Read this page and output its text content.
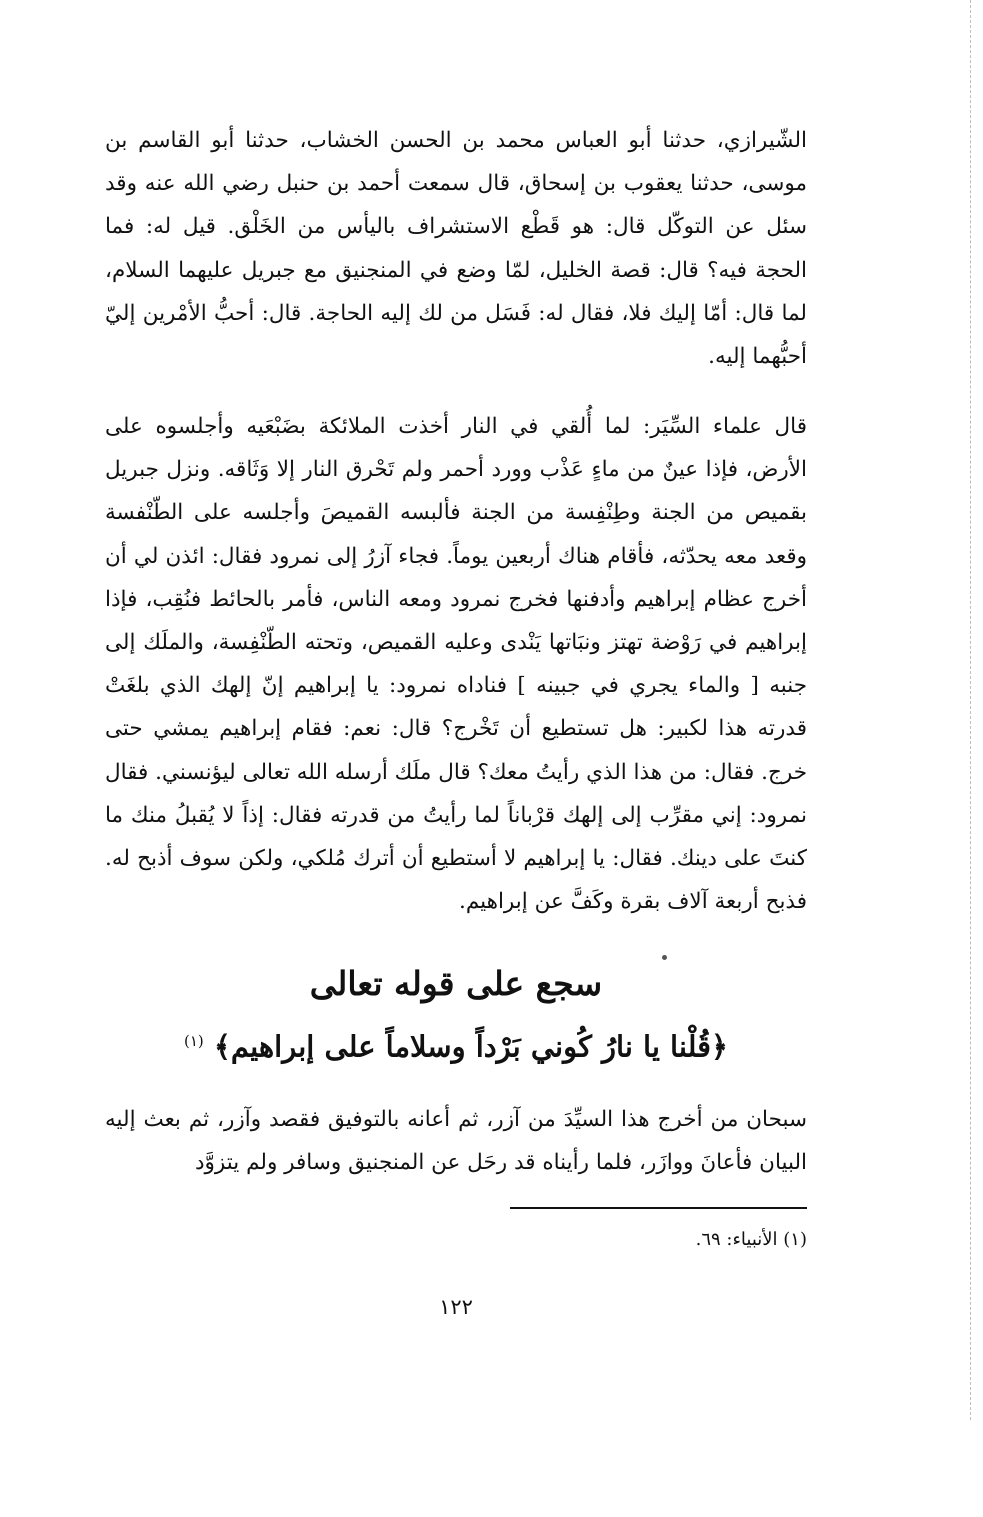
الشّيرازي، حدثنا أبو العباس محمد بن الحسن الخشاب، حدثنا أبو القاسم بن موسى، حدثنا يعقوب بن إسحاق، قال سمعت أحمد بن حنبل رضي الله عنه وقد سئل عن التوكّل قال: هو قَطْع الاستشراف باليأس من الخَلْق. قيل له: فما الحجة فيه؟ قال: قصة الخليل، لمّا وضع في المنجنيق مع جبريل عليهما السلام، لما قال: أمّا إليك فلا، فقال له: فَسَل من لك إليه الحاجة. قال: أحبُّ الأمْرين إليّ أحبُّهما إليه.

قال علماء السِّيَر: لما أُلقي في النار أخذت الملائكة بضَبْعَيه وأجلسوه على الأرض، فإذا عينٌ من ماءٍ عَذْب وورد أحمر ولم تَحْرق النار إلا وَثَاقه. ونزل جبريل بقميص من الجنة وطِنْفِسة من الجنة فألبسه القميصَ وأجلسه على الطّنْفسة وقعد معه يحدّثه، فأقام هناك أربعين يوماً. فجاء آزرُ إلى نمرود فقال: ائذن لي أن أخرج عظام إبراهيم وأدفنها فخرج نمرود ومعه الناس، فأمر بالحائط فنُقِب، فإذا إبراهيم في رَوْضة تهتز ونبَاتها يَنْدى وعليه القميص، وتحته الطّنْفِسة، والملَك إلى جنبه [ والماء يجري في جبينه ] فناداه نمرود: يا إبراهيم إنّ إلهك الذي بلغَتْ قدرته هذا لكبير: هل تستطيع أن تَخْرج؟ قال: نعم: فقام إبراهيم يمشي حتى خرج. فقال: من هذا الذي رأيتُ معك؟ قال ملَك أرسله الله تعالى ليؤنسني. فقال نمرود: إني مقرِّب إلى إلهك قرْباناً لما رأيتُ من قدرته فقال: إذاً لا يُقبلُ منك ما كنتَ على دينك. فقال: يا إبراهيم لا أستطيع أن أترك مُلكي، ولكن سوف أذبح له. فذبح أربعة آلاف بقرة وكَفَّ عن إبراهيم.

سجع على قوله تعالى
﴿قُلْنا يا نارُ كُوني بَرْداً وسلاماً على إبراهيم﴾ $^{(١)}$

سبحان من أخرج هذا السيِّدَ من آزر، ثم أعانه بالتوفيق فقصد وآزر، ثم بعث إليه البيان فأعانَ ووازَر، فلما رأيناه قد رحَل عن المنجنيق وسافر ولم يتزوَّد

(١) الأنبياء: ٦٩.
١٢٢
